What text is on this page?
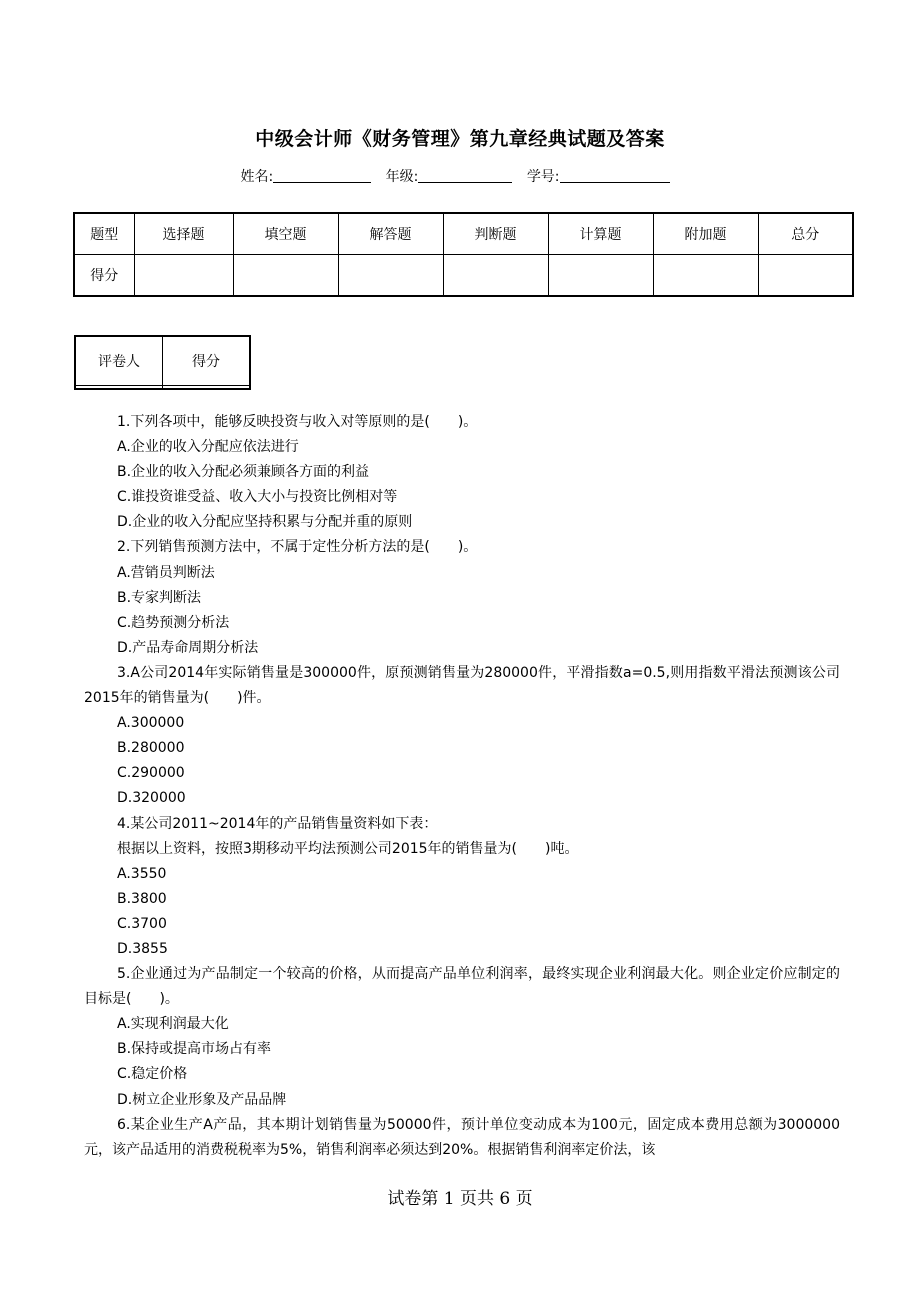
中级会计师《财务管理》第九章经典试题及答案
姓名:	年级:	学号:
题型	选择题	填空题	解答题	判断题	计算题	附加题	总分
得分							
评卷人	得分

1.下列各项中，能够反映投资与收入对等原则的是(　　)。

A.企业的收入分配应依法进行

B.企业的收入分配必须兼顾各方面的利益

C.谁投资谁受益、收入大小与投资比例相对等

D.企业的收入分配应坚持积累与分配并重的原则

2.下列销售预测方法中，不属于定性分析方法的是(　　)。

A.营销员判断法

B.专家判断法

C.趋势预测分析法

D.产品寿命周期分析法

3.A公司2014年实际销售量是300000件，原预测销售量为280000件，平滑指数a=0.5,则用指数平滑法预测该公司2015年的销售量为(　　)件。

A.300000

B.280000

C.290000

D.320000

4.某公司2011~2014年的产品销售量资料如下表：

根据以上资料，按照3期移动平均法预测公司2015年的销售量为(　　)吨。

A.3550

B.3800

C.3700

D.3855

5.企业通过为产品制定一个较高的价格，从而提高产品单位利润率，最终实现企业利润最大化。则企业定价应制定的目标是(　　)。

A.实现利润最大化

B.保持或提高市场占有率

C.稳定价格

D.树立企业形象及产品品牌

6.某企业生产A产品，其本期计划销售量为50000件，预计单位变动成本为100元，固定成本费用总额为3000000元，该产品适用的消费税税率为5%，销售利润率必须达到20%。根据销售利润率定价法，该

试卷第 1 页共 6 页
